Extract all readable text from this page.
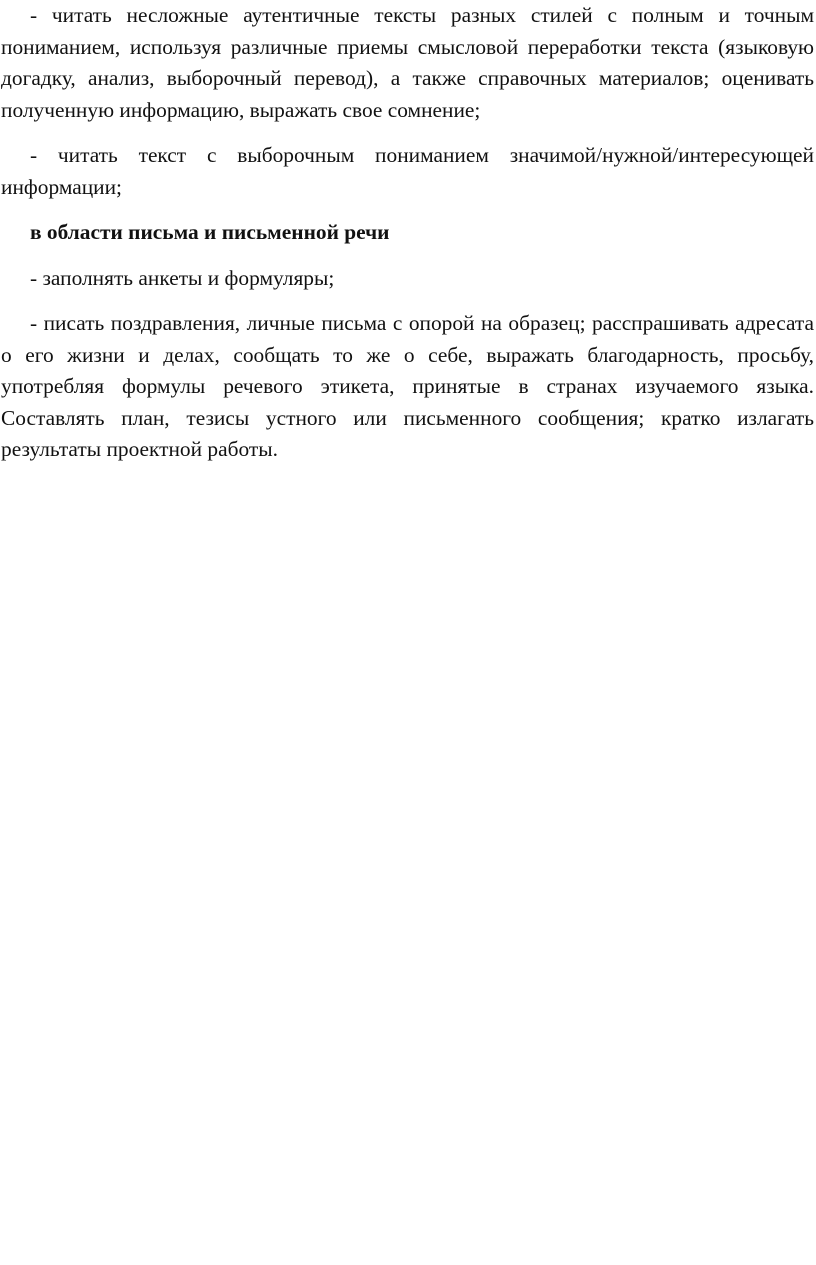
- читать несложные аутентичные тексты разных стилей с полным и точным пониманием, используя различные приемы смысловой переработки текста (языковую догадку, анализ, выборочный перевод), а также справочных материалов; оценивать полученную информацию, выражать свое сомнение;

- читать текст с выборочным пониманием значимой/нужной/интересующей информации;

в области письма и письменной речи

- заполнять анкеты и формуляры;

- писать поздравления, личные письма с опорой на образец; расспрашивать адресата о его жизни и делах, сообщать то же о себе, выражать благодарность, просьбу, употребляя формулы речевого этикета, принятые в странах изучаемого языка. Составлять план, тезисы устного или письменного сообщения; кратко излагать результаты проектной работы.
